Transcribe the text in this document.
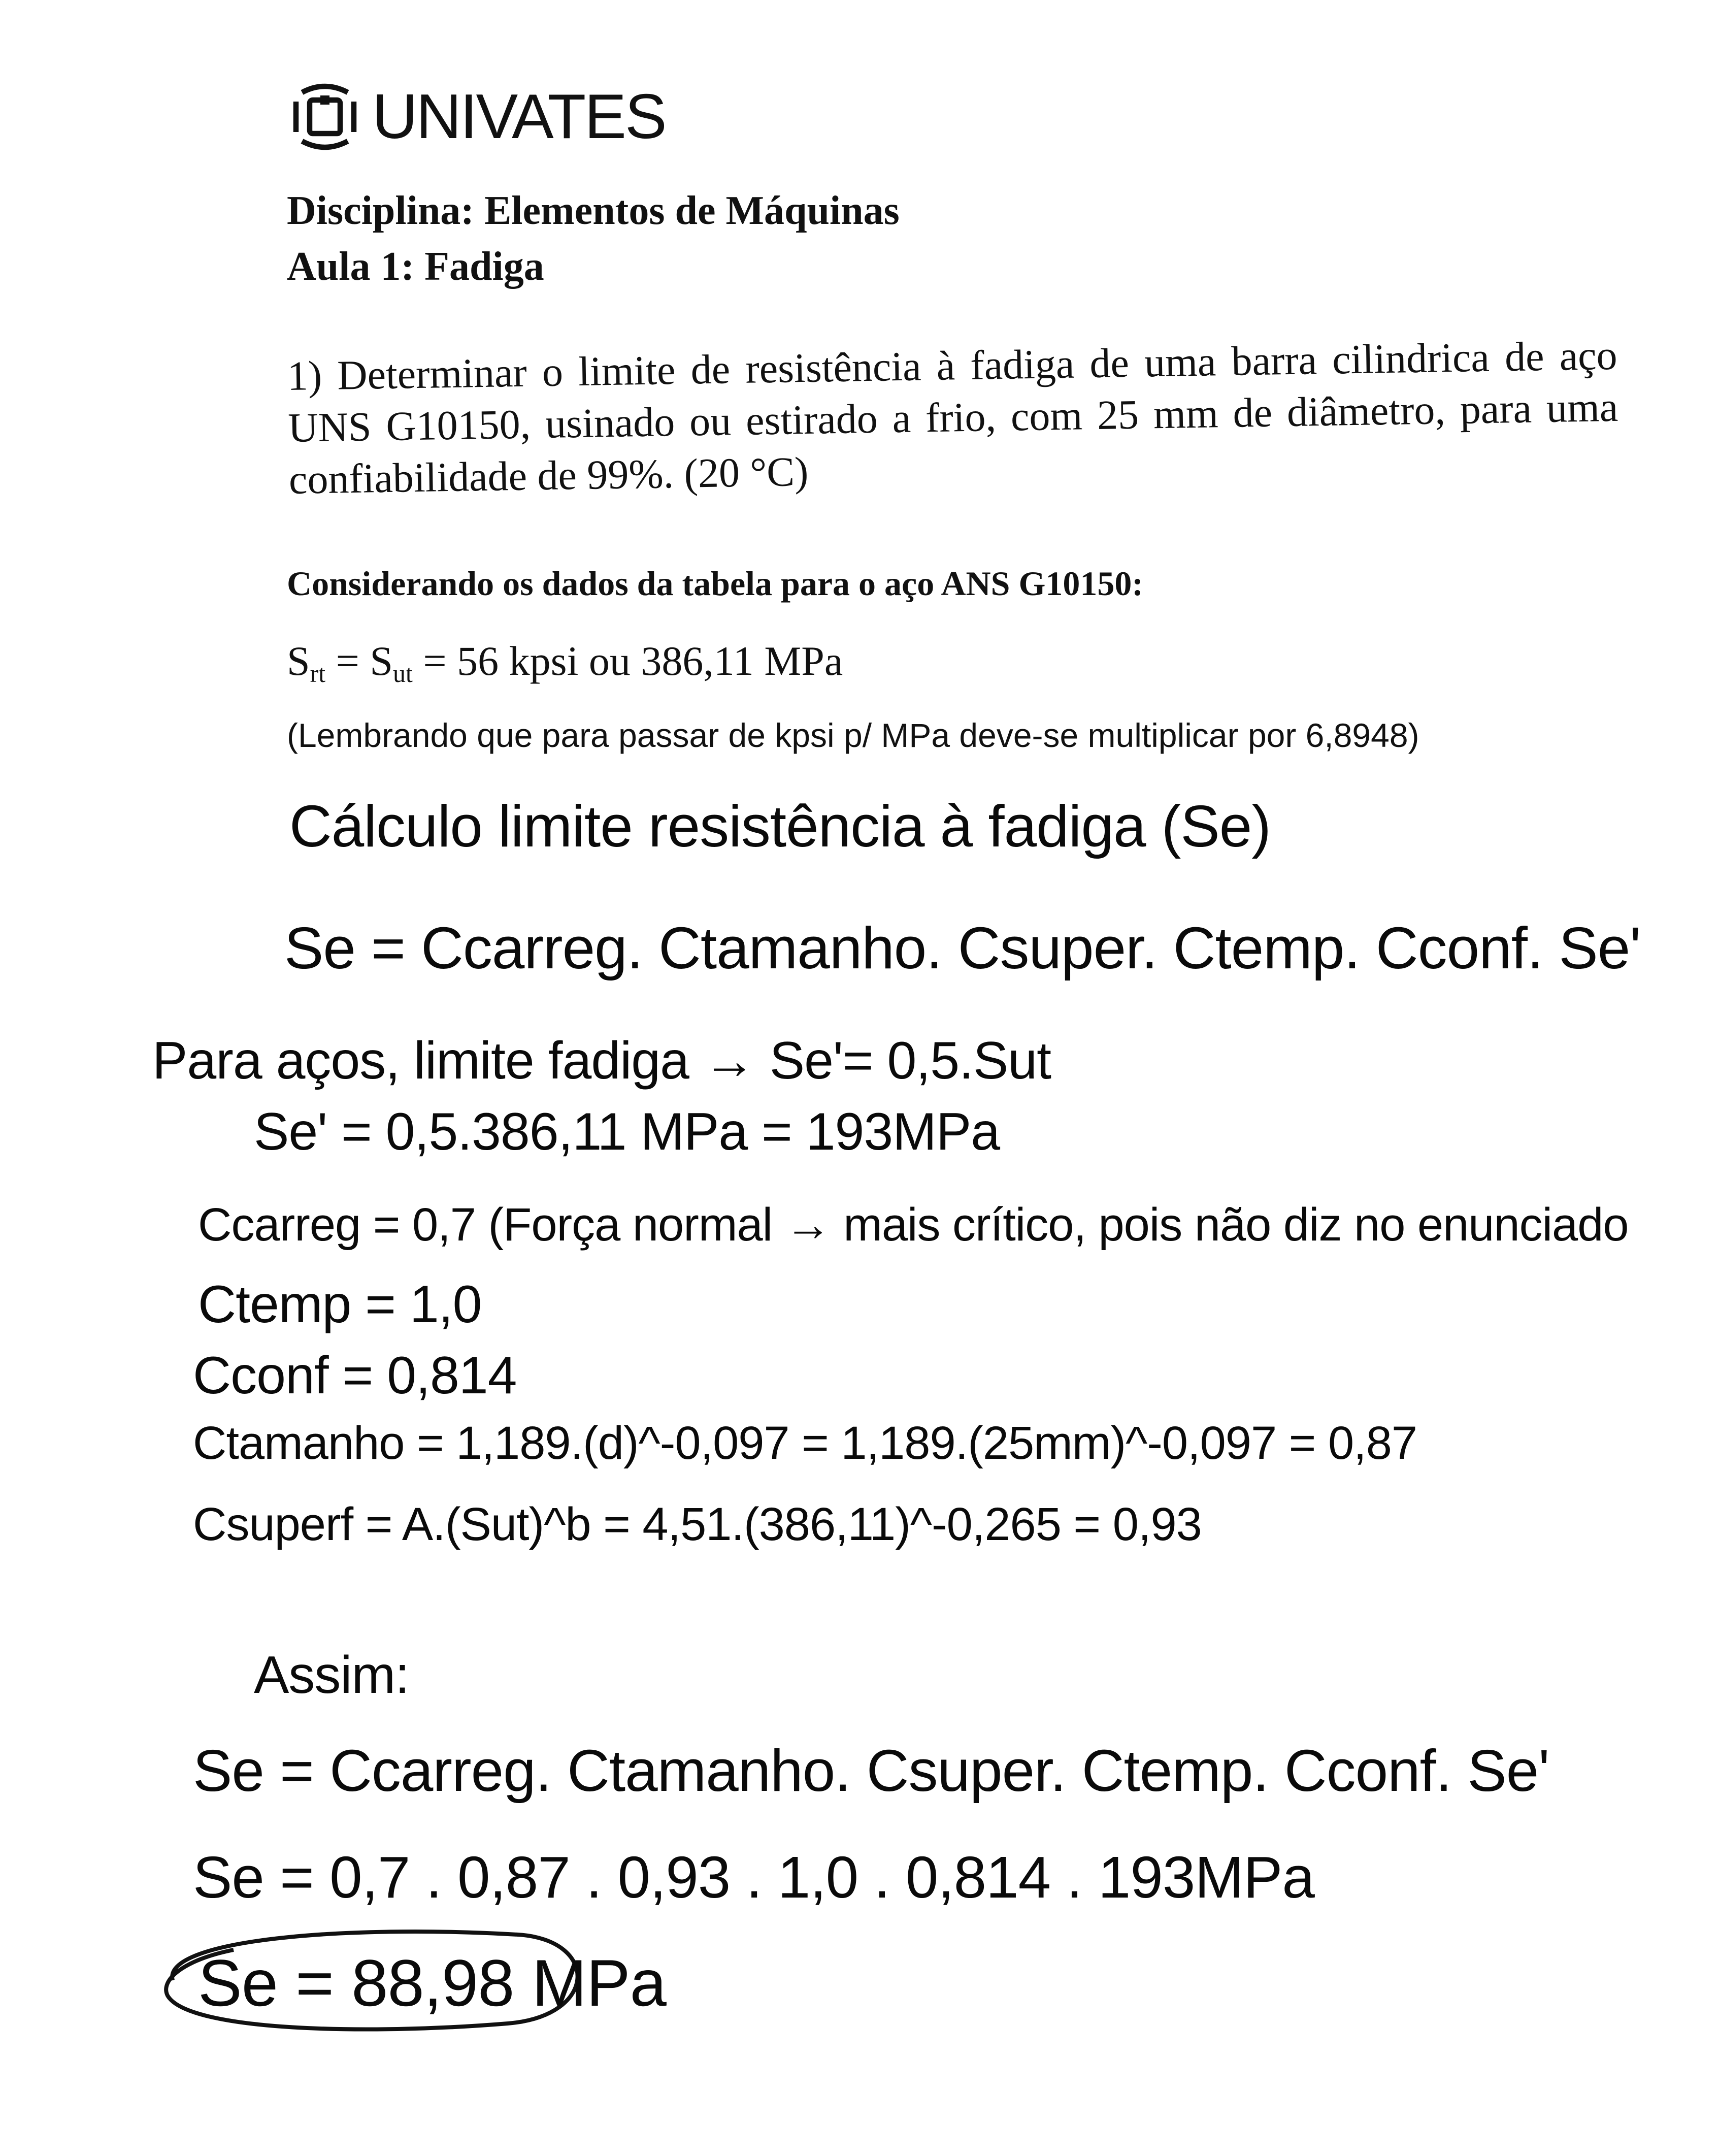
UNIVATES
Disciplina: Elementos de Máquinas
Aula 1: Fadiga
1) Determinar o limite de resistência à fadiga de uma barra cilindrica de aço UNS G10150, usinado ou estirado a frio, com 25 mm de diâmetro, para uma confiabilidade de 99%. (20 °C)
Considerando os dados da tabela para o aço ANS G10150:
$S_{rt} = S_{ut} = 56$ kpsi ou 386,11 MPa
(Lembrando que para passar de kpsi p/ MPa deve-se multiplicar por 6,8948)
Cálculo limite resistência à fadiga (Se)
Se = Ccarreg. Ctamanho. Csuper. Ctemp. Cconf. Se'
Para aços, limite fadiga → Se'= 0,5.Sut
Se' = 0,5.386,11 MPa = 193MPa
Ccarreg = 0,7 (Força normal → mais crítico, pois não diz no enunciado
Ctemp = 1,0
Cconf = 0,814
Ctamanho = 1,189.(d)^-0,097 = 1,189.(25mm)^-0,097 = 0,87
Csuperf = A.(Sut)^b = 4,51.(386,11)^-0,265 = 0,93
Assim:
Se = Ccarreg. Ctamanho. Csuper. Ctemp. Cconf. Se'
Se = 0,7 . 0,87 . 0,93 . 1,0 . 0,814 . 193MPa
Se = 88,98 MPa
